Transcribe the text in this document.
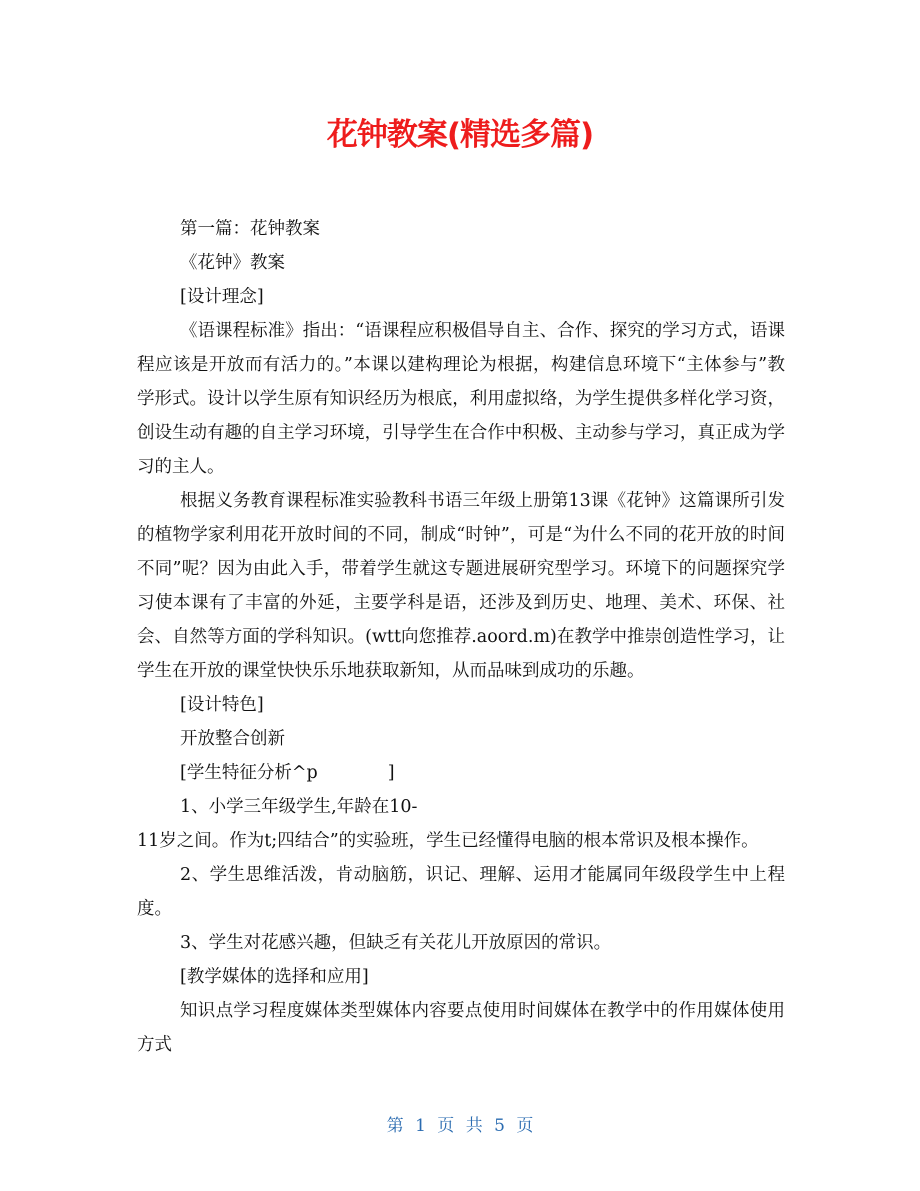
花钟教案(精选多篇)

第一篇：花钟教案

《花钟》教案

[设计理念]

《语课程标准》指出：“语课程应积极倡导自主、合作、探究的学习方式，语课程应该是开放而有活力的。”本课以建构理论为根据，构建信息环境下“主体参与”教学形式。设计以学生原有知识经历为根底，利用虚拟络，为学生提供多样化学习资，创设生动有趣的自主学习环境，引导学生在合作中积极、主动参与学习，真正成为学习的主人。

根据义务教育课程标准实验教科书语三年级上册第13课《花钟》这篇课所引发的植物学家利用花开放时间的不同，制成“时钟”，可是“为什么不同的花开放的时间不同”呢？因为由此入手，带着学生就这专题进展研究型学习。环境下的问题探究学习使本课有了丰富的外延，主要学科是语，还涉及到历史、地理、美术、环保、社会、自然等方面的学科知识。(wtt向您推荐.aoord.m)在教学中推崇创造性学习，让学生在开放的课堂快快乐乐地获取新知，从而品味到成功的乐趣。

[设计特色]

开放整合创新

[学生特征分析^p　　　　]

1、小学三年级学生,年龄在10-

11岁之间。作为t;四结合”的实验班，学生已经懂得电脑的根本常识及根本操作。

2、学生思维活泼，肯动脑筋，识记、理解、运用才能属同年级段学生中上程度。

3、学生对花感兴趣，但缺乏有关花儿开放原因的常识。

[教学媒体的选择和应用]

知识点学习程度媒体类型媒体内容要点使用时间媒体在教学中的作用媒体使用方式

第 1 页 共 5 页
